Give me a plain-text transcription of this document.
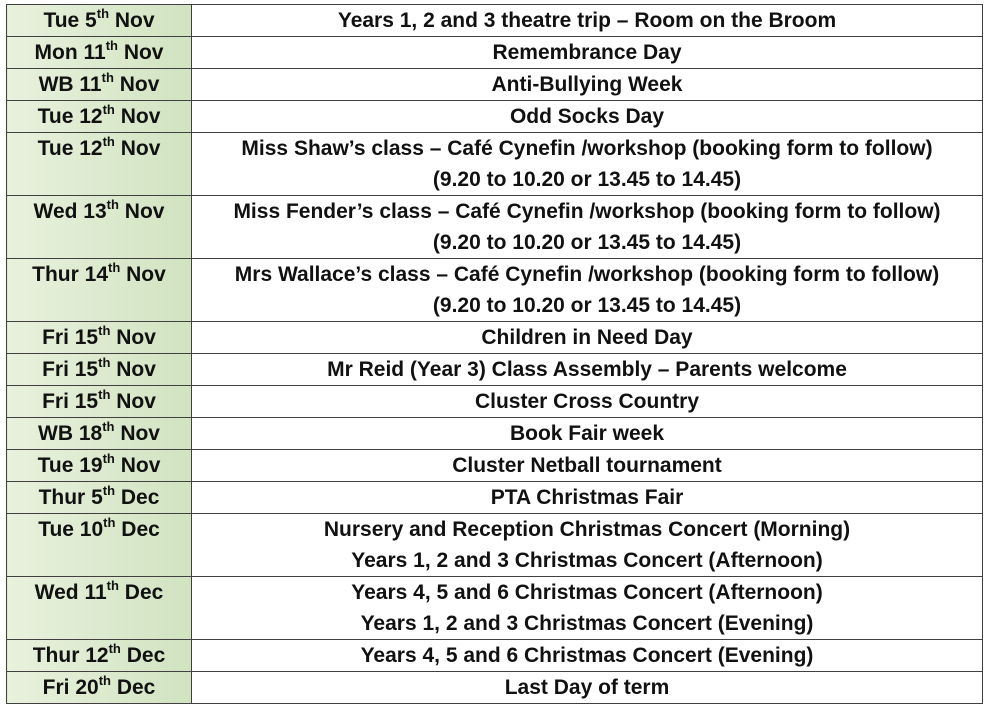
Tue 5th Nov	Years 1, 2 and 3 theatre trip – Room on the Broom

Mon 11th Nov	Remembrance Day

WB 11th Nov	Anti-Bullying Week

Tue 12th Nov	Odd Socks Day

Tue 12th Nov	Miss Shaw’s class – Café Cynefin /workshop (booking form to follow)
(9.20 to 10.20 or 13.45 to 14.45)

Wed 13th Nov	Miss Fender’s class – Café Cynefin /workshop (booking form to follow)
(9.20 to 10.20 or 13.45 to 14.45)

Thur 14th Nov	Mrs Wallace’s class – Café Cynefin /workshop (booking form to follow)
(9.20 to 10.20 or 13.45 to 14.45)

Fri 15th Nov	Children in Need Day

Fri 15th Nov	Mr Reid (Year 3) Class Assembly – Parents welcome

Fri 15th Nov	Cluster Cross Country

WB 18th Nov	Book Fair week

Tue 19th Nov	Cluster Netball tournament

Thur 5th Dec	PTA Christmas Fair

Tue 10th Dec	Nursery and Reception Christmas Concert (Morning)
Years 1, 2 and 3 Christmas Concert (Afternoon)

Wed 11th Dec	Years 4, 5 and 6 Christmas Concert (Afternoon)
Years 1, 2 and 3 Christmas Concert (Evening)

Thur 12th Dec	Years 4, 5 and 6 Christmas Concert (Evening)

Fri 20th Dec	Last Day of term
